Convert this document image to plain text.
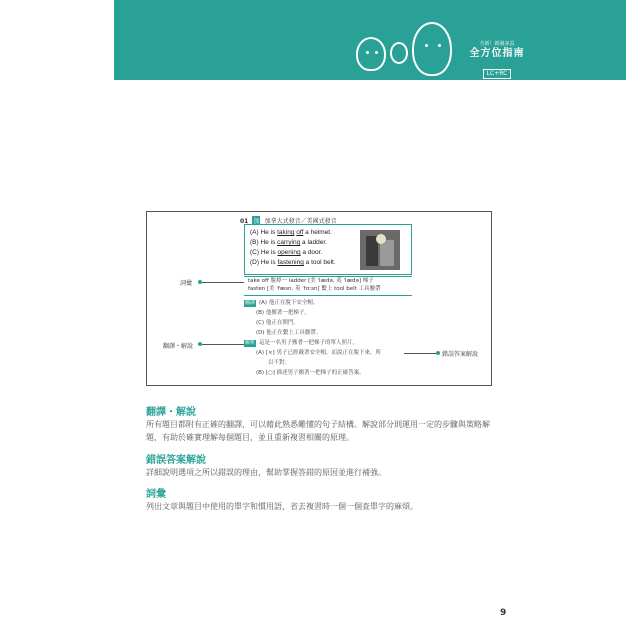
全新！新制多益
全方位指南
LC+RC
01 加 加拿大式發音／美國式發音
(A) He is taking off a helmet.
(B) He is carrying a ladder.
(C) He is opening a door.
(D) He is fastening a tool belt.
take off 脫掉一 ladder [美 ˈlædə, 英 ˈlædə] 梯子
fasten [美 ˈfæsn, 英 ˈfɑːsn] 繫上 tool belt 工具腰帶
翻譯 (A) 他正在脫下安全帽。
(B) 他搬著一把梯子。
(C) 他正在開門。
(D) 他正在繫上工具腰帶。
解析 這是一名男子搬著一把梯子的單人照片。
(A) [×] 男子已經戴著安全帽，而說正在脫下來，所
以不對。
(B) [○] 描述男子搬著一把梯子的正確答案。
詞彙
翻譯・解說
錯誤答案解說
翻譯・解說
所有題目都附有正確的翻譯，可以藉此熟悉難懂的句子結構。解說部分則運用一定的步驟與策略解
題，有助於確實理解每個題目，並且重新複習相關的原理。
錯誤答案解說
詳細說明選項之所以錯誤的理由，幫助掌握答錯的原因並進行補強。
詞彙
列出文章與題目中使用的單字和慣用語，省去複習時一個一個查單字的麻煩。
9
